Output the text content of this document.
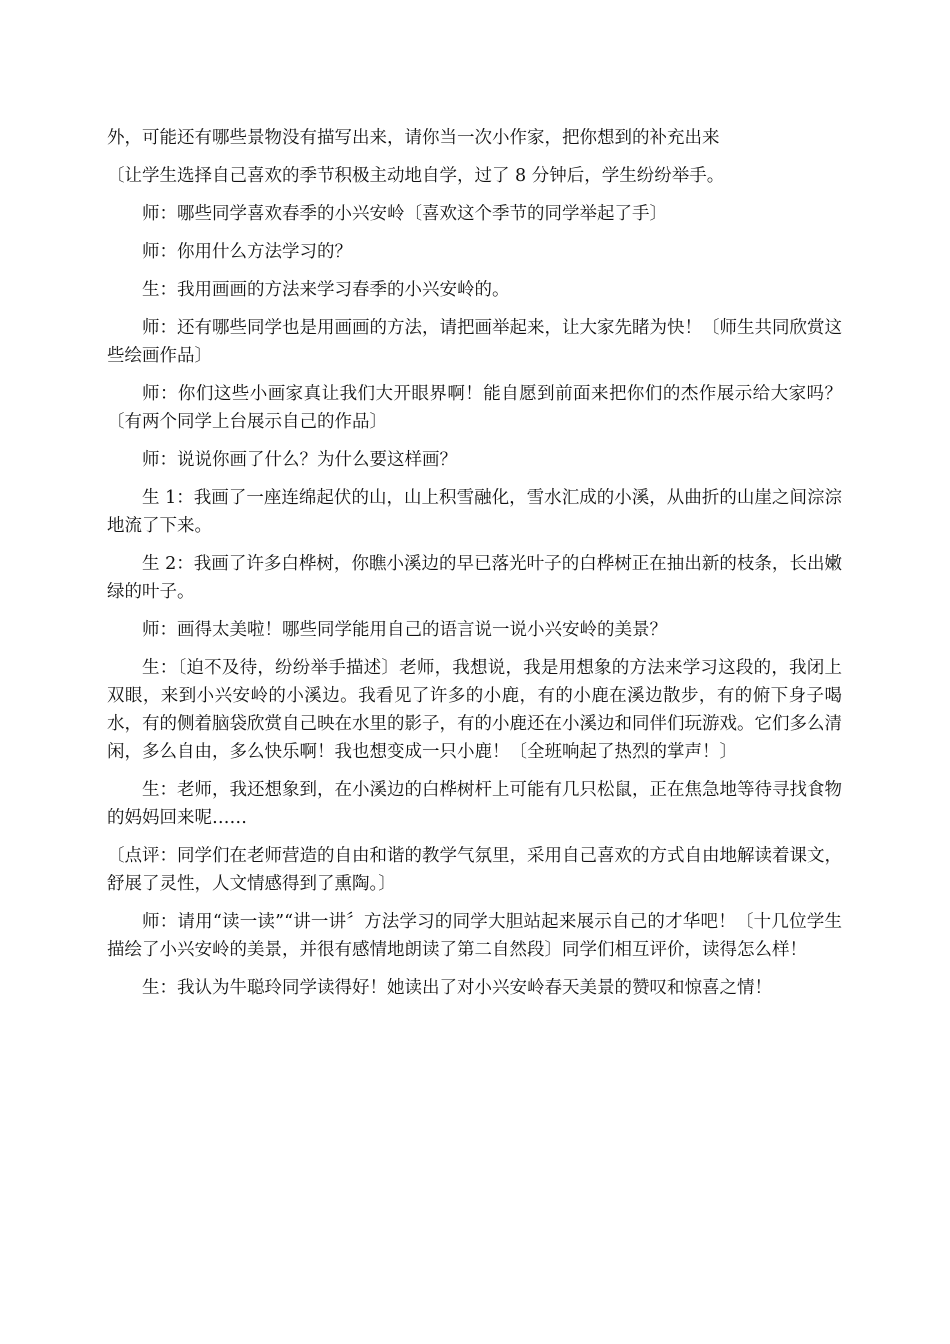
外，可能还有哪些景物没有描写出来，请你当一次小作家，把你想到的补充出来

〔让学生选择自己喜欢的季节积极主动地自学，过了 8 分钟后，学生纷纷举手。

师：哪些同学喜欢春季的小兴安岭〔喜欢这个季节的同学举起了手〕

师：你用什么方法学习的？

生：我用画画的方法来学习春季的小兴安岭的。

师：还有哪些同学也是用画画的方法，请把画举起来，让大家先睹为快！〔师生共同欣赏这些绘画作品〕

师：你们这些小画家真让我们大开眼界啊！能自愿到前面来把你们的杰作展示给大家吗？〔有两个同学上台展示自己的作品〕

师：说说你画了什么？为什么要这样画？

生 1：我画了一座连绵起伏的山，山上积雪融化，雪水汇成的小溪，从曲折的山崖之间淙淙地流了下来。

生 2：我画了许多白桦树，你瞧小溪边的早已落光叶子的白桦树正在抽出新的枝条，长出嫩绿的叶子。

师：画得太美啦！哪些同学能用自己的语言说一说小兴安岭的美景？

生：〔迫不及待，纷纷举手描述〕老师，我想说，我是用想象的方法来学习这段的，我闭上双眼，来到小兴安岭的小溪边。我看见了许多的小鹿，有的小鹿在溪边散步，有的俯下身子喝水，有的侧着脑袋欣赏自己映在水里的影子，有的小鹿还在小溪边和同伴们玩游戏。它们多么清闲，多么自由，多么快乐啊！我也想变成一只小鹿！〔全班响起了热烈的掌声！〕

生：老师，我还想象到，在小溪边的白桦树杆上可能有几只松鼠，正在焦急地等待寻找食物的妈妈回来呢……

〔点评：同学们在老师营造的自由和谐的教学气氛里，采用自己喜欢的方式自由地解读着课文，舒展了灵性，人文情感得到了熏陶。〕

师：请用“读一读”“讲一讲〞方法学习的同学大胆站起来展示自己的才华吧！〔十几位学生描绘了小兴安岭的美景，并很有感情地朗读了第二自然段〕同学们相互评价，读得怎么样！

生：我认为牛聪玲同学读得好！她读出了对小兴安岭春天美景的赞叹和惊喜之情！
